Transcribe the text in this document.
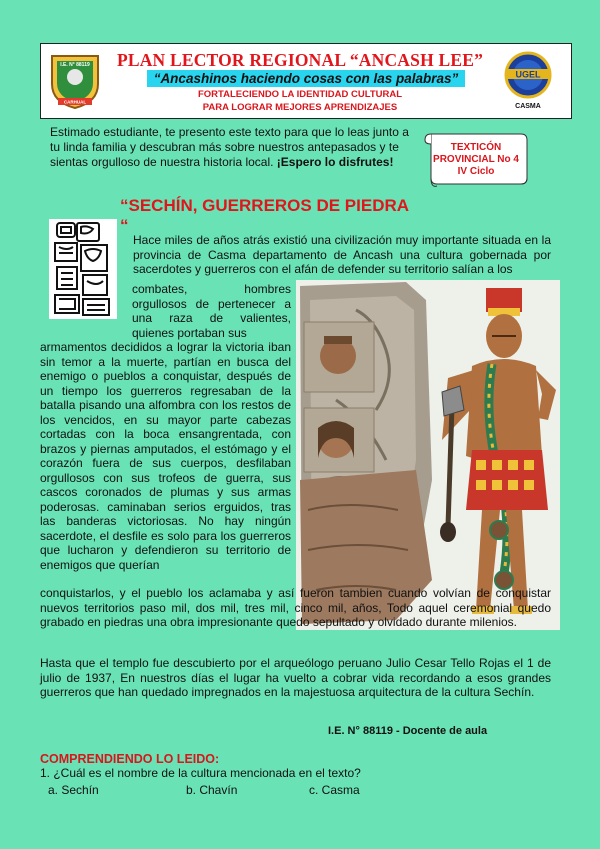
I.E. N° 88119
CARHUAL
PLAN LECTOR REGIONAL “ANCASH LEE”
“Ancashinos haciendo cosas con las palabras”
FORTALECIENDO LA IDENTIDAD CULTURAL
PARA LOGRAR MEJORES APRENDIZAJES
UGEL
CASMA
Estimado estudiante, te presento este texto para que lo leas junto a tu linda familia y descubran más sobre nuestros antepasados y te sientas orgulloso de nuestra historia local. ¡Espero lo disfrutes!
TEXTICÓN
PROVINCIAL No 4
IV Ciclo
“SECHÍN, GUERREROS DE PIEDRA “
Hace miles de años atrás existió una civilización muy importante situada en la provincia de Casma departamento de Ancash una cultura gobernada por sacerdotes y guerreros con el afán de defender su territorio salían a los
combates, hombres orgullosos de pertenecer a una raza de valientes, quienes portaban sus
armamentos decididos a lograr la victoria iban sin temor a la muerte, partían en busca del enemigo o pueblos a conquistar, después de un tiempo los guerreros regresaban de la batalla pisando una alfombra con los restos de los vencidos, en su mayor parte cabezas cortadas con la boca ensangrentada, con brazos y piernas amputados, el estómago y el corazón fuera de sus cuerpos, desfilaban orgullosos con sus trofeos de guerra, sus cascos coronados de plumas y sus armas poderosas. caminaban serios erguidos, tras las banderas victoriosas. No hay ningún sacerdote, el desfile es solo para los guerreros que lucharon y defendieron su territorio de enemigos que querían
conquistarlos, y el pueblo los aclamaba y así fueron tambien cuando volvían de conquistar nuevos territorios paso mil, dos mil, tres mil, cinco mil, años, Todo aquel ceremonial quedo grabado en piedras una obra impresionante quedo sepultado y olvidado durante milenios.
Hasta que el templo fue descubierto por el arqueólogo peruano Julio Cesar Tello Rojas el 1 de julio de 1937, En nuestros días el lugar ha vuelto a cobrar vida recordando a esos grandes guerreros que han quedado impregnados en la majestuosa arquitectura de la cultura Sechín.
I.E. N° 88119 - Docente de aula
COMPRENDIENDO LO LEIDO:
1. ¿Cuál es el nombre de la cultura mencionada en el texto?
a. Sechín	b. Chavín	c. Casma
